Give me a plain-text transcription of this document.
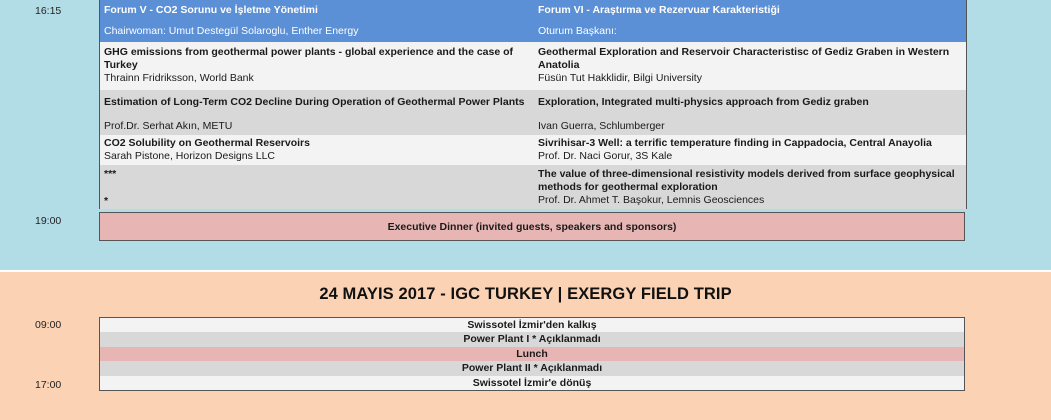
16:15
19:00
Forum V - CO2 Sorunu ve İşletme Yönetimi	Forum VI - Araştırma ve Rezervuar Karakteristiği
Chairwoman: Umut Destegül Solaroglu, Enther Energy	Oturum Başkanı:
GHG emissions from geothermal power plants - global experience and the case of Turkey
Thrainn Fridriksson, World Bank
Geothermal Exploration and Reservoir Characteristisc of Gediz Graben in Western Anatolia
Füsün Tut Hakklidir, Bilgi University
Estimation of Long-Term CO2 Decline During Operation of Geothermal Power Plants
Prof.Dr. Serhat Akın, METU
Exploration, Integrated multi-physics approach from Gediz graben
Ivan Guerra, Schlumberger
CO2 Solubility on Geothermal Reservoirs
Sarah Pistone, Horizon Designs LLC
Sivrihisar-3 Well: a terrific temperature finding in Cappadocia, Central Anayolia
Prof. Dr. Naci Gorur, 3S Kale
***
*
The value of three-dimensional resistivity models derived from surface geophysical methods for geothermal exploration
Prof. Dr. Ahmet T. Başokur, Lemnis Geosciences
Executive Dinner (invited guests, speakers and sponsors)
24 MAYIS 2017 - IGC TURKEY | EXERGY FIELD TRIP
09:00
17:00
Swissotel İzmir'den kalkış
Power Plant I * Açıklanmadı
Lunch
Power Plant II * Açıklanmadı
Swissotel İzmir'e dönüş
